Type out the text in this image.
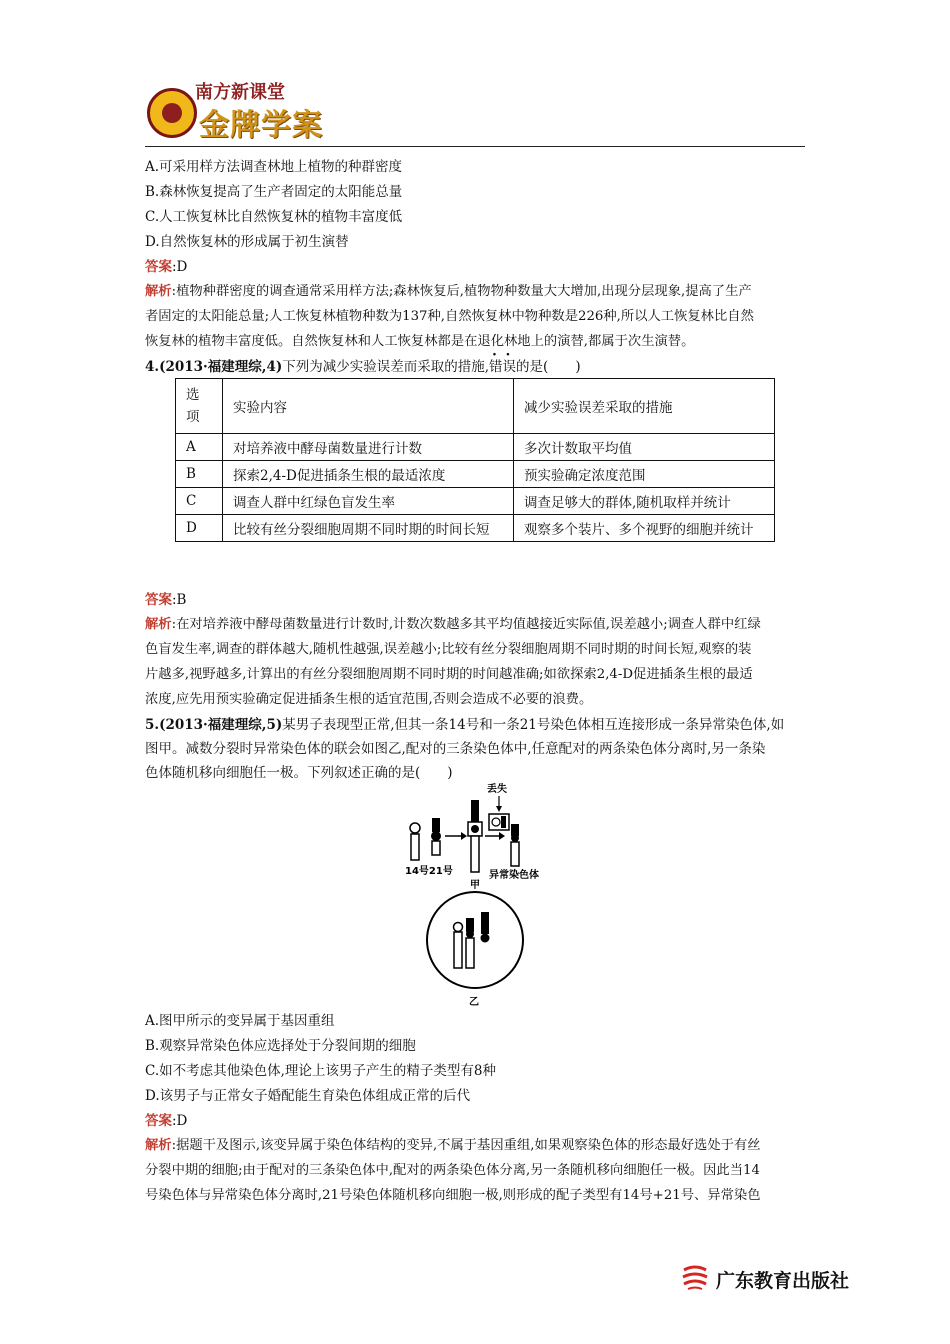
南方新课堂
金牌学案
A.可采用样方法调查林地上植物的种群密度
B.森林恢复提高了生产者固定的太阳能总量
C.人工恢复林比自然恢复林的植物丰富度低
D.自然恢复林的形成属于初生演替
答案:D
解析:植物种群密度的调查通常采用样方法;森林恢复后,植物物种数量大大增加,出现分层现象,提高了生产
者固定的太阳能总量;人工恢复林植物种数为137种,自然恢复林中物种数是226种,所以人工恢复林比自然
恢复林的植物丰富度低。自然恢复林和人工恢复林都是在退化林地上的演替,都属于次生演替。
4.(2013·福建理综,4)下列为减少实验误差而采取的措施,错误的是(　　)
选
项	实验内容	减少实验误差采取的措施
A	对培养液中酵母菌数量进行计数	多次计数取平均值
B	探索2,4-D促进插条生根的最适浓度	预实验确定浓度范围
C	调查人群中红绿色盲发生率	调查足够大的群体,随机取样并统计
D	比较有丝分裂细胞周期不同时期的时间长短	观察多个装片、多个视野的细胞并统计
答案:B
解析:在对培养液中酵母菌数量进行计数时,计数次数越多其平均值越接近实际值,误差越小;调查人群中红绿
色盲发生率,调查的群体越大,随机性越强,误差越小;比较有丝分裂细胞周期不同时期的时间长短,观察的装
片越多,视野越多,计算出的有丝分裂细胞周期不同时期的时间越准确;如欲探索2,4-D促进插条生根的最适
浓度,应先用预实验确定促进插条生根的适宜范围,否则会造成不必要的浪费。
5.(2013·福建理综,5)某男子表现型正常,但其一条14号和一条21号染色体相互连接形成一条异常染色体,如
图甲。减数分裂时异常染色体的联会如图乙,配对的三条染色体中,任意配对的两条染色体分离时,另一条染
色体随机移向细胞任一极。下列叙述正确的是(　　)
丢失
14号21号
甲
异常染色体
乙
A.图甲所示的变异属于基因重组
B.观察异常染色体应选择处于分裂间期的细胞
C.如不考虑其他染色体,理论上该男子产生的精子类型有8种
D.该男子与正常女子婚配能生育染色体组成正常的后代
答案:D
解析:据题干及图示,该变异属于染色体结构的变异,不属于基因重组,如果观察染色体的形态最好选处于有丝
分裂中期的细胞;由于配对的三条染色体中,配对的两条染色体分离,另一条随机移向细胞任一极。因此当14
号染色体与异常染色体分离时,21号染色体随机移向细胞一极,则形成的配子类型有14号+21号、异常染色
广东教育出版社
